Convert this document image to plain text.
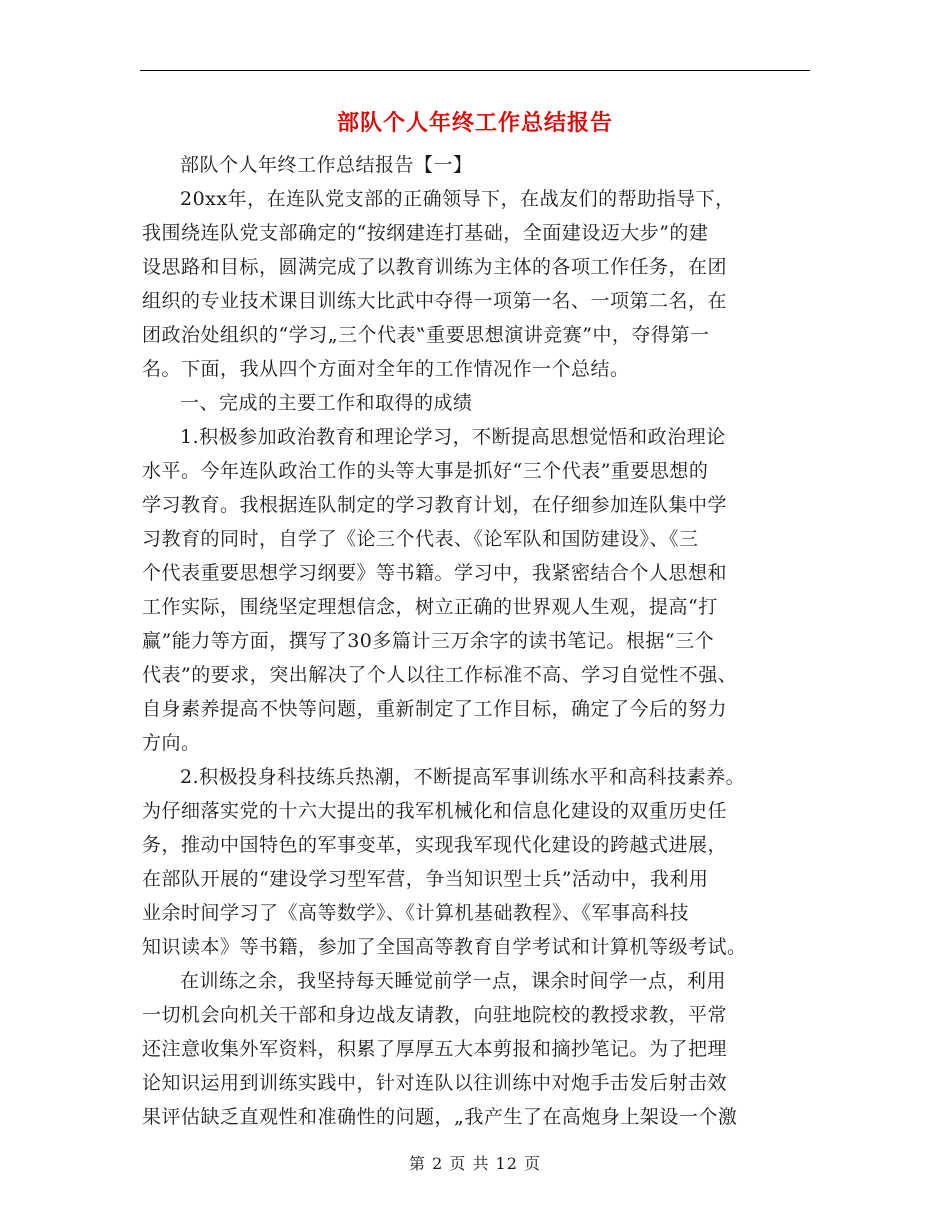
部队个人年终工作总结报告
部队个人年终工作总结报告【一】
20xx年，在连队党支部的正确领导下，在战友们的帮助指导下，
我围绕连队党支部确定的“按纲建连打基础，全面建设迈大步”的建
设思路和目标，圆满完成了以教育训练为主体的各项工作任务，在团
组织的专业技术课目训练大比武中夺得一项第一名、一项第二名，在
团政治处组织的“学习„三个代表‟重要思想演讲竞赛”中，夺得第一
名。下面，我从四个方面对全年的工作情况作一个总结。
一、完成的主要工作和取得的成绩
1.积极参加政治教育和理论学习，不断提高思想觉悟和政治理论
水平。今年连队政治工作的头等大事是抓好“三个代表”重要思想的
学习教育。我根据连队制定的学习教育计划，在仔细参加连队集中学
习教育的同时，自学了《论三个代表、《论军队和国防建设》、《三
个代表重要思想学习纲要》等书籍。学习中，我紧密结合个人思想和
工作实际，围绕坚定理想信念，树立正确的世界观人生观，提高“打
赢”能力等方面，撰写了30多篇计三万余字的读书笔记。根据“三个
代表”的要求，突出解决了个人以往工作标准不高、学习自觉性不强、
自身素养提高不快等问题，重新制定了工作目标，确定了今后的努力
方向。
2.积极投身科技练兵热潮，不断提高军事训练水平和高科技素养。
为仔细落实党的十六大提出的我军机械化和信息化建设的双重历史任
务，推动中国特色的军事变革，实现我军现代化建设的跨越式进展，
在部队开展的“建设学习型军营，争当知识型士兵”活动中，我利用
业余时间学习了《高等数学》、《计算机基础教程》、《军事高科技
知识读本》等书籍，参加了全国高等教育自学考试和计算机等级考试。
在训练之余，我坚持每天睡觉前学一点，课余时间学一点，利用
一切机会向机关干部和身边战友请教，向驻地院校的教授求教，平常
还注意收集外军资料，积累了厚厚五大本剪报和摘抄笔记。为了把理
论知识运用到训练实践中，针对连队以往训练中对炮手击发后射击效
果评估缺乏直观性和准确性的问题，„我产生了在高炮身上架设一个激
第 2 页 共 12 页
